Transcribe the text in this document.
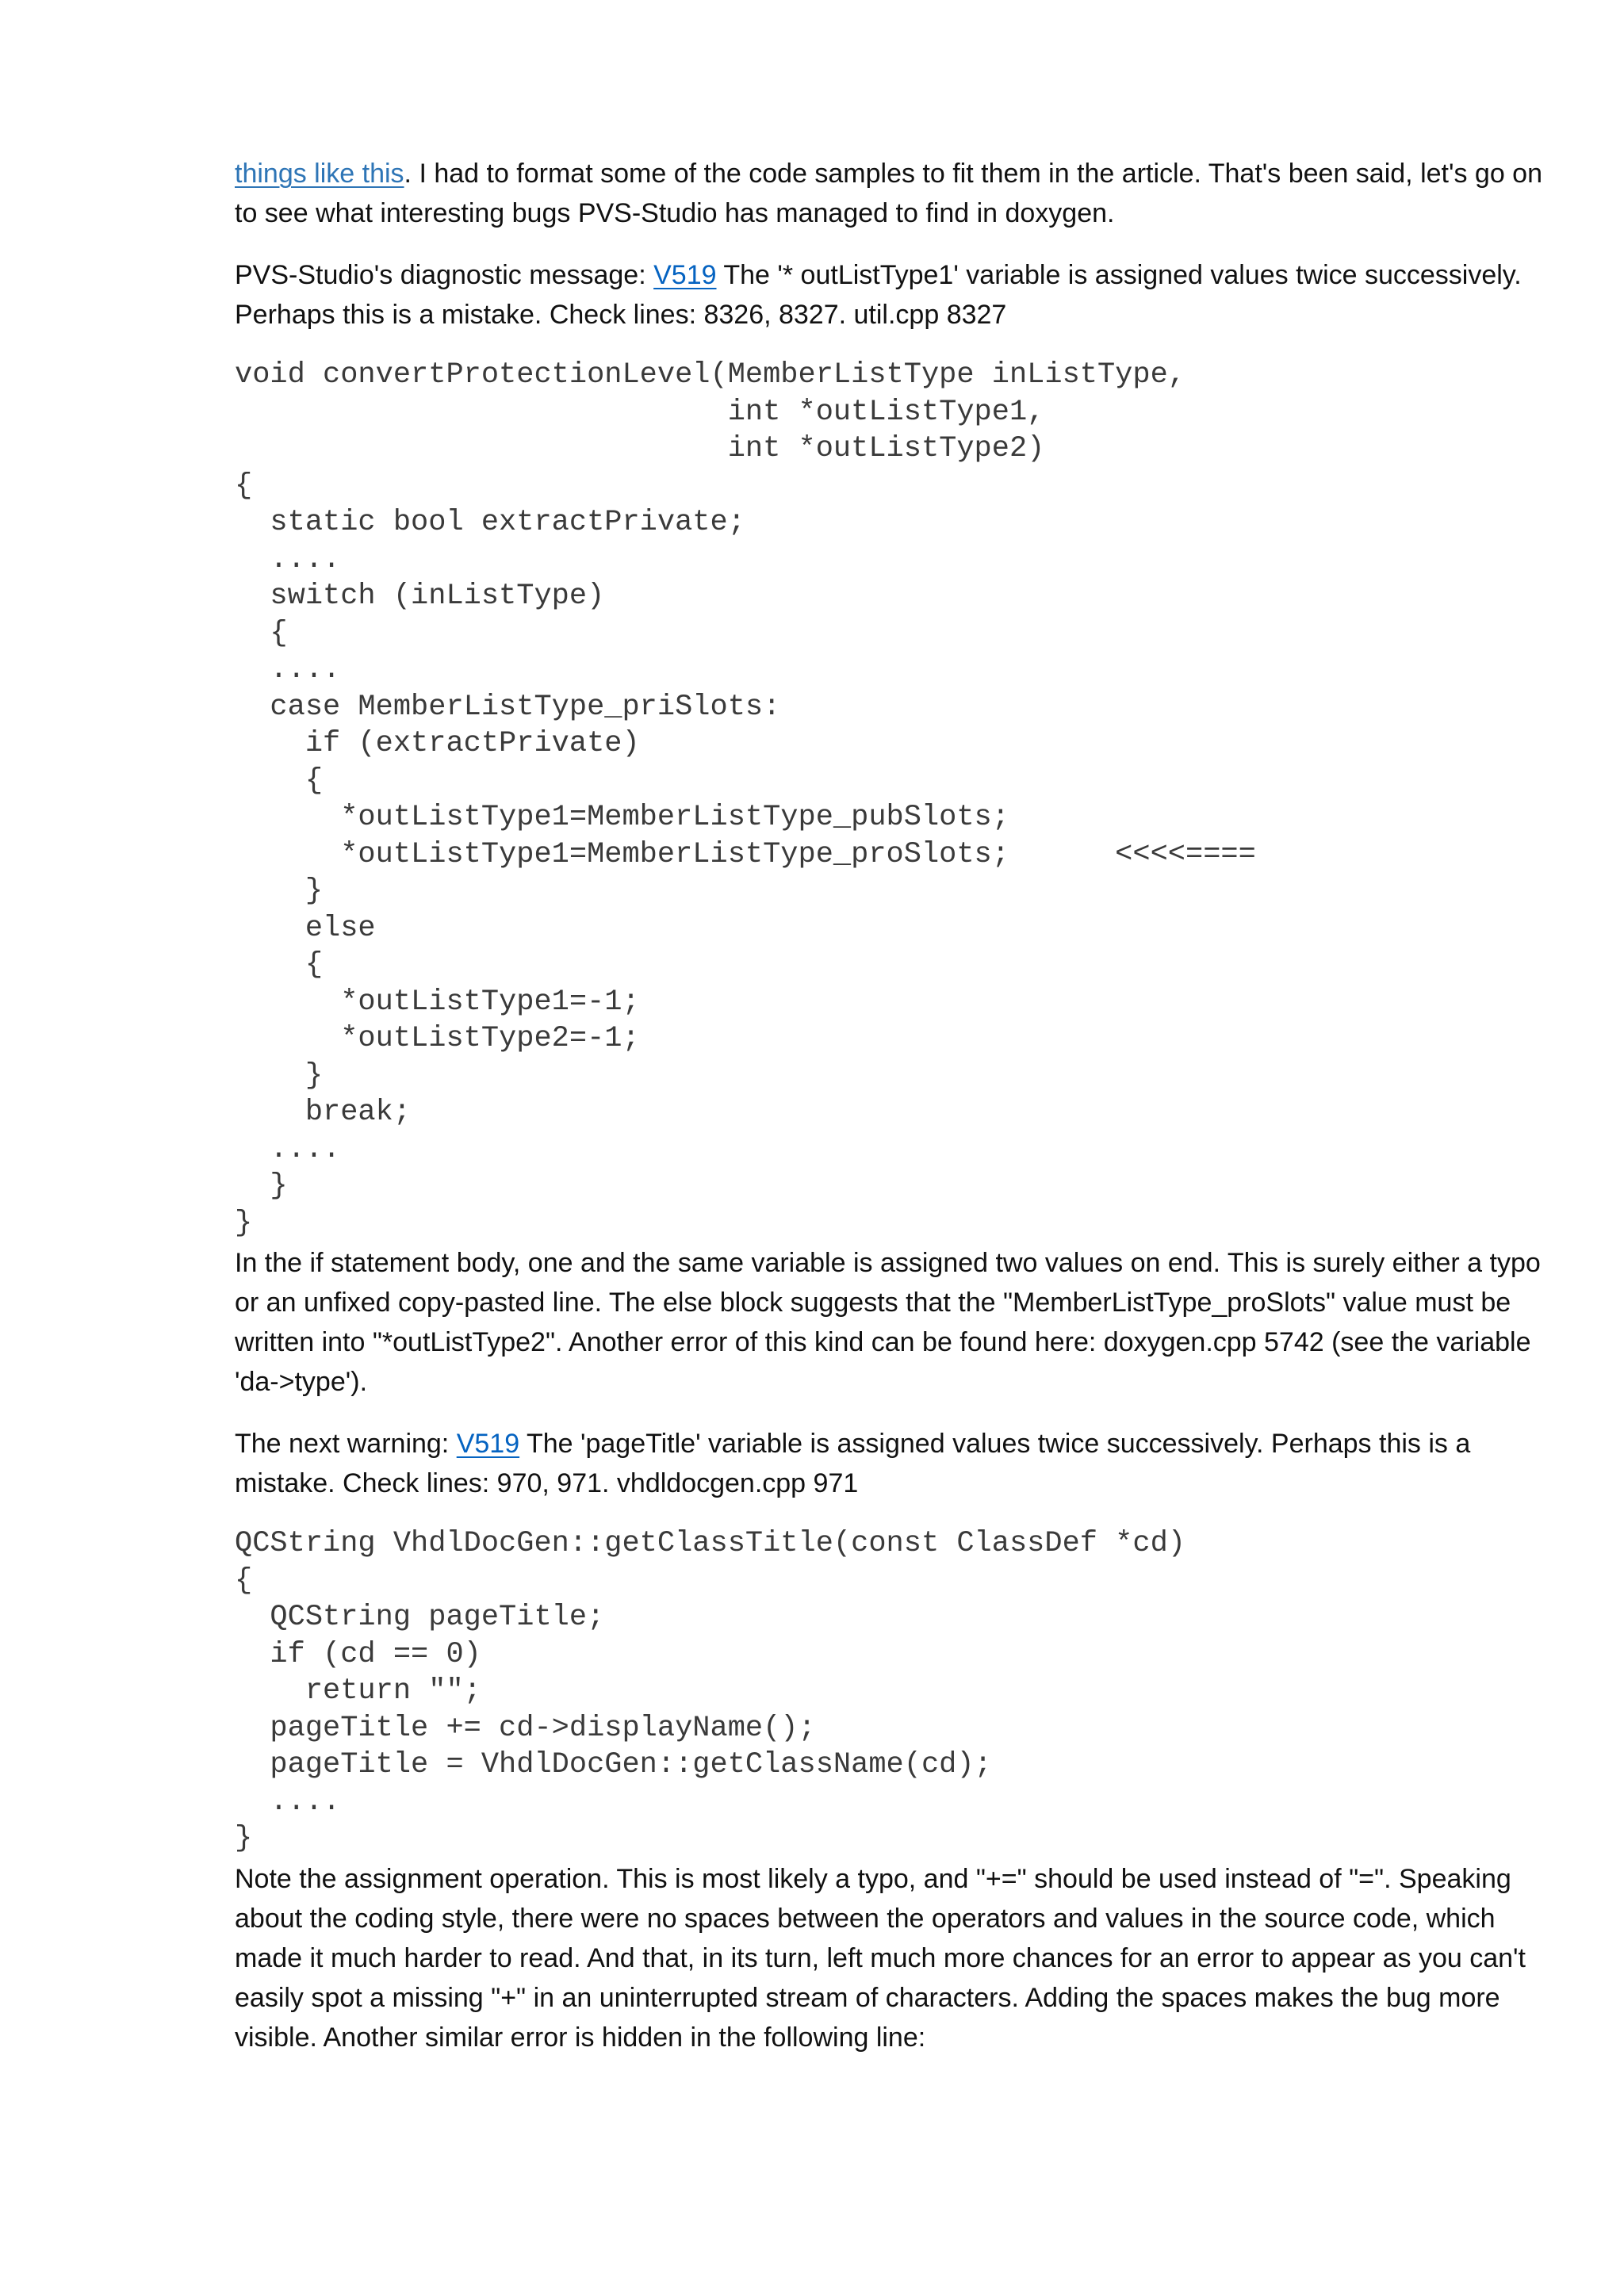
things like this. I had to format some of the code samples to fit them in the article. That's been said, let's go on to see what interesting bugs PVS-Studio has managed to find in doxygen.

PVS-Studio's diagnostic message: V519 The '* outListType1' variable is assigned values twice successively. Perhaps this is a mistake. Check lines: 8326, 8327. util.cpp 8327

void convertProtectionLevel(MemberListType inListType,
int *outListType1,
int *outListType2)
{
static bool extractPrivate;
....
switch (inListType)
{
....
case MemberListType_priSlots:
if (extractPrivate)
{
*outListType1=MemberListType_pubSlots;
*outListType1=MemberListType_proSlots;      <<<<====
}
else
{
*outListType1=-1;
*outListType2=-1;
}
break;
....
}
}

In the if statement body, one and the same variable is assigned two values on end. This is surely either a typo or an unfixed copy-pasted line. The else block suggests that the "MemberListType_proSlots" value must be written into "*outListType2". Another error of this kind can be found here: doxygen.cpp 5742 (see the variable 'da->type').

The next warning: V519 The 'pageTitle' variable is assigned values twice successively. Perhaps this is a mistake. Check lines: 970, 971. vhdldocgen.cpp 971

QCString VhdlDocGen::getClassTitle(const ClassDef *cd)
{
QCString pageTitle;
if (cd == 0)
return "";
pageTitle += cd->displayName();
pageTitle = VhdlDocGen::getClassName(cd);
....
}

Note the assignment operation. This is most likely a typo, and "+=" should be used instead of "=". Speaking about the coding style, there were no spaces between the operators and values in the source code, which made it much harder to read. And that, in its turn, left much more chances for an error to appear as you can't easily spot a missing "+" in an uninterrupted stream of characters. Adding the spaces makes the bug more visible. Another similar error is hidden in the following line:
